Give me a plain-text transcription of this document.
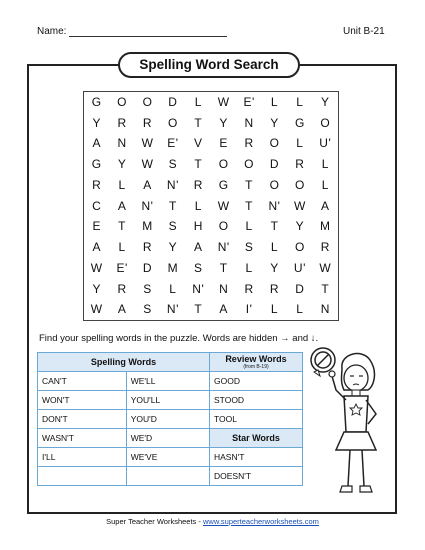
Name:	Unit B-21
Spelling Word Search
G	O	O	D	L	W	E'	L	L	Y
Y	R	R	O	T	Y	N	Y	G	O
A	N	W	E'	V	E	R	O	L	U'
G	Y	W	S	T	O	O	D	R	L
R	L	A	N'	R	G	T	O	O	L
C	A	N'	T	L	W	T	N'	W	A
E	T	M	S	H	O	L	T	Y	M
A	L	R	Y	A	N'	S	L	O	R
W	E'	D	M	S	T	L	Y	U'	W
Y	R	S	L	N'	N	R	R	D	T
W	A	S	N'	T	A	I'	L	L	N
Find your spelling words in the puzzle. Words are hidden → and ↓.
Spelling Words		Review Words
(from B-19)

CAN'T	WE'LL	GOOD
WON'T	YOU'LL	STOOD
DON'T	YOU'D	TOOL
WASN'T	WE'D	Star Words
I'LL	WE'VE	HASN'T
		DOESN'T
Super Teacher Worksheets - www.superteacherworksheets.com
